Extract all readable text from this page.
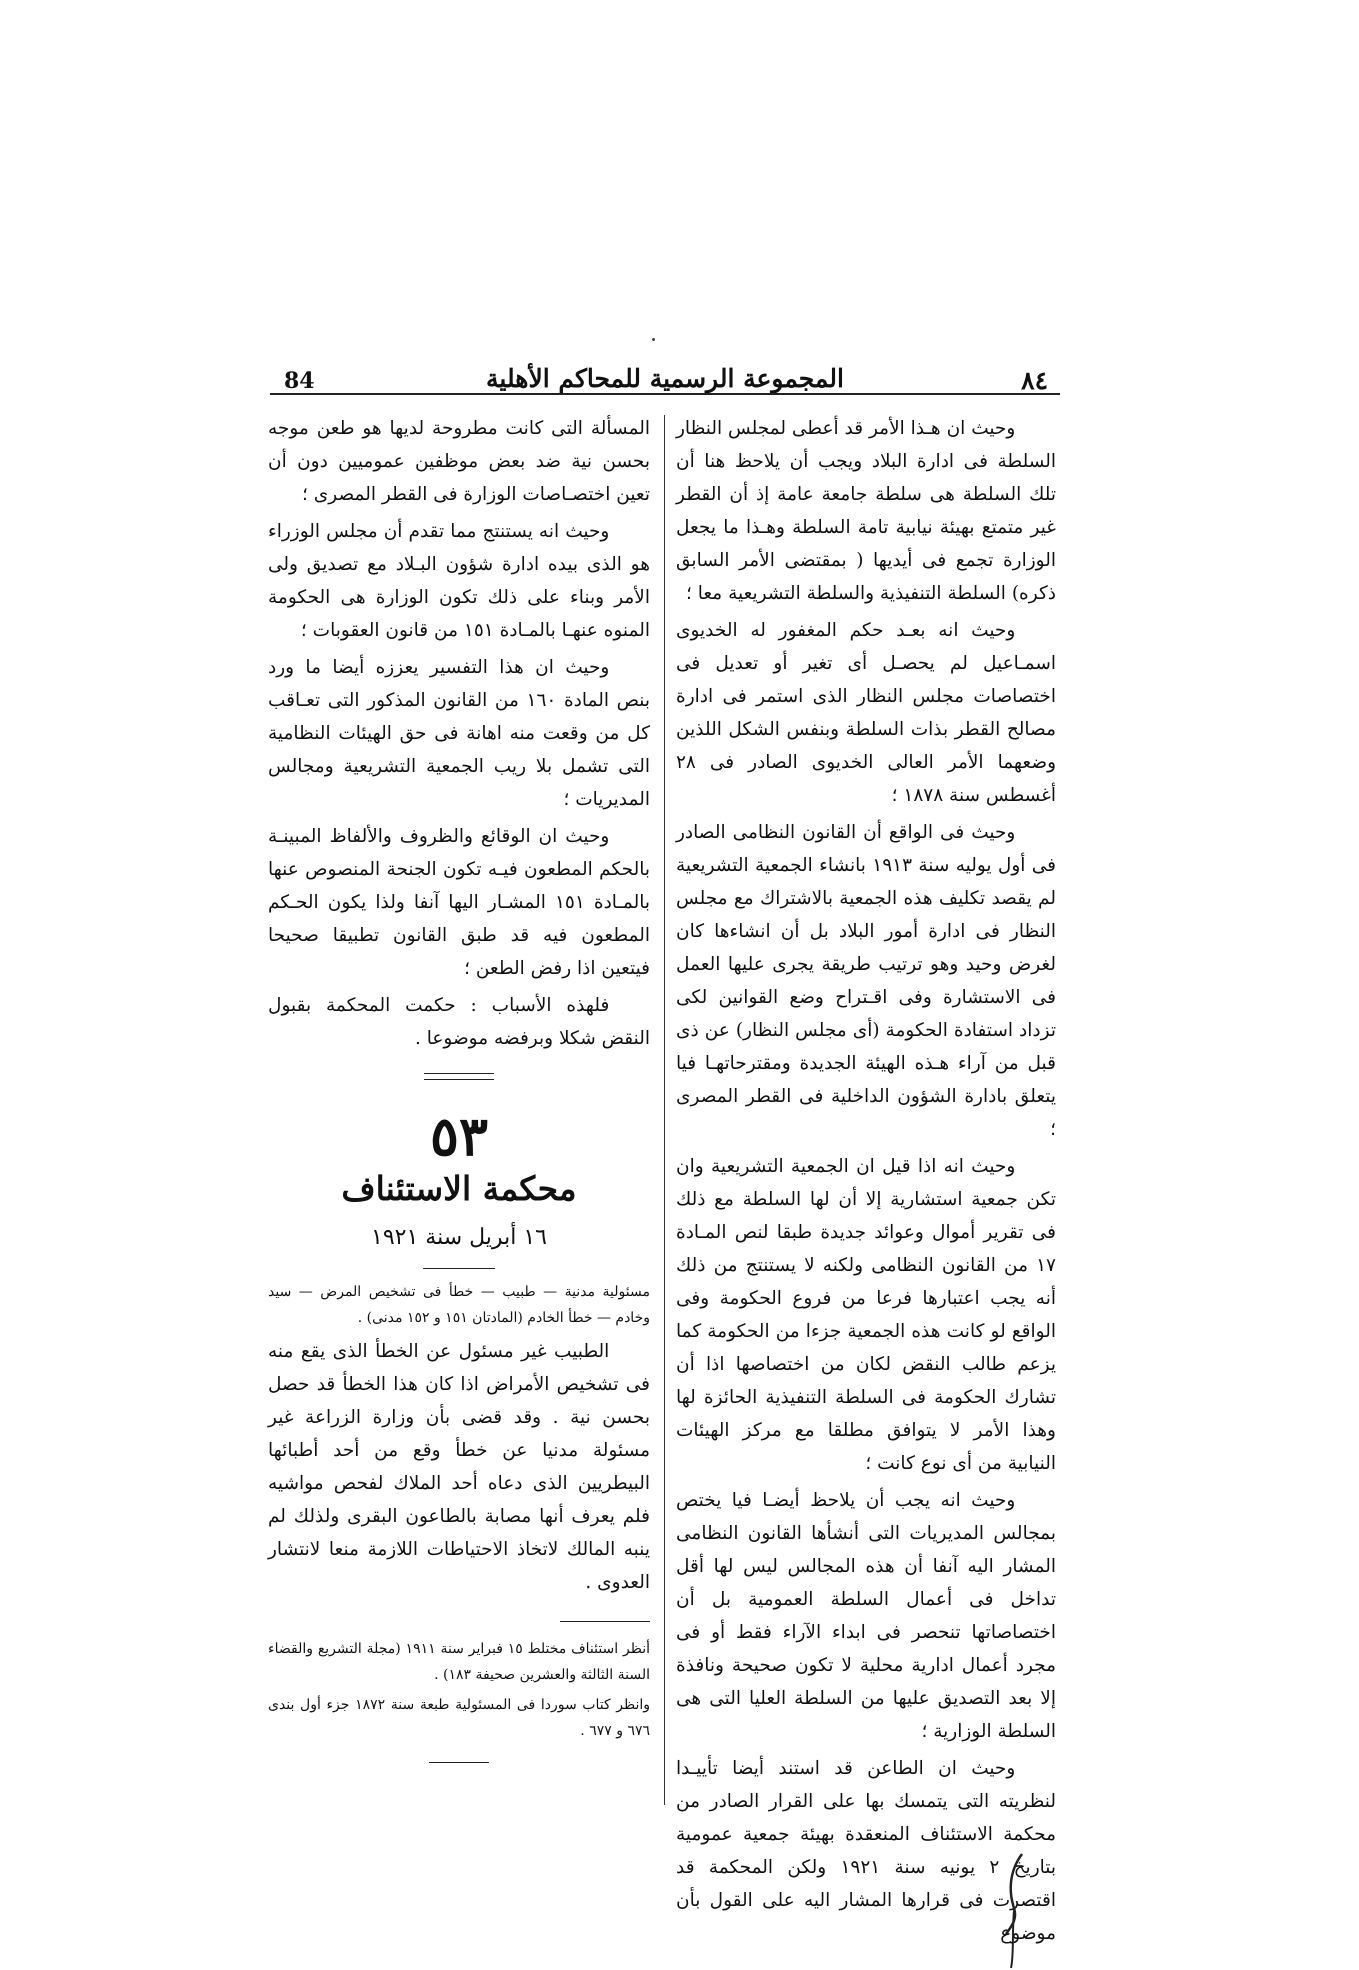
84	المجموعة الرسمية للمحاكم الأهلية	٨٤

وحيث ان هـذا الأمر قد أعطى لمجلس النظار السلطة فى ادارة البلاد ويجب أن يلاحظ هنا أن تلك السلطة هى سلطة جامعة عامة إذ أن القطر غير متمتع بهيئة نيابية تامة السلطة وهـذا ما يجعل الوزارة تجمع فى أيديها ( بمقتضى الأمر السابق ذكره) السلطة التنفيذية والسلطة التشريعية معا ؛

وحيث انه بعـد حكم المغفور له الخديوى اسمـاعيل لم يحصـل أى تغير أو تعديل فى اختصاصات مجلس النظار الذى استمر فى ادارة مصالح القطر بذات السلطة وبنفس الشكل اللذين وضعهما الأمر العالى الخديوى الصادر فى ٢٨ أغسطس سنة ١٨٧٨ ؛

وحيث فى الواقع أن القانون النظامى الصادر فى أول يوليه سنة ١٩١٣ بانشاء الجمعية التشريعية لم يقصد تكليف هذه الجمعية بالاشتراك مع مجلس النظار فى ادارة أمور البلاد بل أن انشاءها كان لغرض وحيد وهو ترتيب طريقة يجرى عليها العمل فى الاستشارة وفى اقـتراح وضع القوانين لكى تزداد استفادة الحكومة (أى مجلس النظار) عن ذى قبل من آراء هـذه الهيئة الجديدة ومقترحاتهـا فيا يتعلق بادارة الشؤون الداخلية فى القطر المصرى ؛

وحيث انه اذا قيل ان الجمعية التشريعية وان تكن جمعية استشارية إلا أن لها السلطة مع ذلك فى تقرير أموال وعوائد جديدة طبقا لنص المـادة ١٧ من القانون النظامى ولكنه لا يستنتج من ذلك أنه يجب اعتبارها فرعا من فروع الحكومة وفى الواقع لو كانت هذه الجمعية جزءا من الحكومة كما يزعم طالب النقض لكان من اختصاصها اذا أن تشارك الحكومة فى السلطة التنفيذية الحائزة لها وهذا الأمر لا يتوافق مطلقا مع مركز الهيئات النيابية من أى نوع كانت ؛

وحيث انه يجب أن يلاحظ أيضـا فيا يختص بمجالس المديريات التى أنشأها القانون النظامى المشار اليه آنفا أن هذه المجالس ليس لها أقل تداخل فى أعمال السلطة العمومية بل أن اختصاصاتها تنحصر فى ابداء الآراء فقط أو فى مجرد أعمال ادارية محلية لا تكون صحيحة ونافذة إلا بعد التصديق عليها من السلطة العليا التى هى السلطة الوزارية ؛

وحيث ان الطاعن قد استند أيضا تأييـدا لنظريته التى يتمسك بها على القرار الصادر من محكمة الاستئناف المنعقدة بهيئة جمعية عمومية بتاريخ ٢ يونيه سنة ١٩٢١ ولكن المحكمة قد اقتصرت فى قرارها المشار اليه على القول بأن موضوع

المسألة التى كانت مطروحة لديها هو طعن موجه بحسن نية ضد بعض موظفين عموميين دون أن تعين اختصـاصات الوزارة فى القطر المصرى ؛

وحيث انه يستنتج مما تقدم أن مجلس الوزراء هو الذى بيده ادارة شؤون البـلاد مع تصديق ولى الأمر وبناء على ذلك تكون الوزارة هى الحكومة المنوه عنهـا بالمـادة ١٥١ من قانون العقوبات ؛

وحيث ان هذا التفسير يعززه أيضا ما ورد بنص المادة ١٦٠ من القانون المذكور التى تعـاقب كل من وقعت منه اهانة فى حق الهيئات النظامية التى تشمل بلا ريب الجمعية التشريعية ومجالس المديريات ؛

وحيث ان الوقائع والظروف والألفاظ المبينـة بالحكم المطعون فيـه تكون الجنحة المنصوص عنها بالمـادة ١٥١ المشـار اليها آنفا ولذا يكون الحـكم المطعون فيه قد طبق القانون تطبيقا صحيحا فيتعين اذا رفض الطعن ؛

فلهذه الأسباب : حكمت المحكمة بقبول النقض شكلا وبرفضه موضوعا .

٥٣
محكمة الاستئناف
١٦ أبريل سنة ١٩٢١

مسئولية مدنية — طبيب — خطأ فى تشخيص المرض — سيد وخادم — خطأ الخادم (المادتان ١٥١ و ١٥٢ مدنى) .

الطبيب غير مسئول عن الخطأ الذى يقع منه فى تشخيص الأمراض اذا كان هذا الخطأ قد حصل بحسن نية . وقد قضى بأن وزارة الزراعة غير مسئولة مدنيا عن خطأ وقع من أحد أطبائها البيطريين الذى دعاه أحد الملاك لفحص مواشيه فلم يعرف أنها مصابة بالطاعون البقرى ولذلك لم ينبه المالك لاتخاذ الاحتياطات اللازمة منعا لانتشار العدوى .

أنظر استئناف مختلط ١٥ فبراير سنة ١٩١١ (مجلة التشريع والقضاء السنة الثالثة والعشرين صحيفة ١٨٣) .

وانظر كتاب سوردا فى المسئولية طبعة سنة ١٨٧٢ جزء أول بندى ٦٧٦ و ٦٧٧ .
